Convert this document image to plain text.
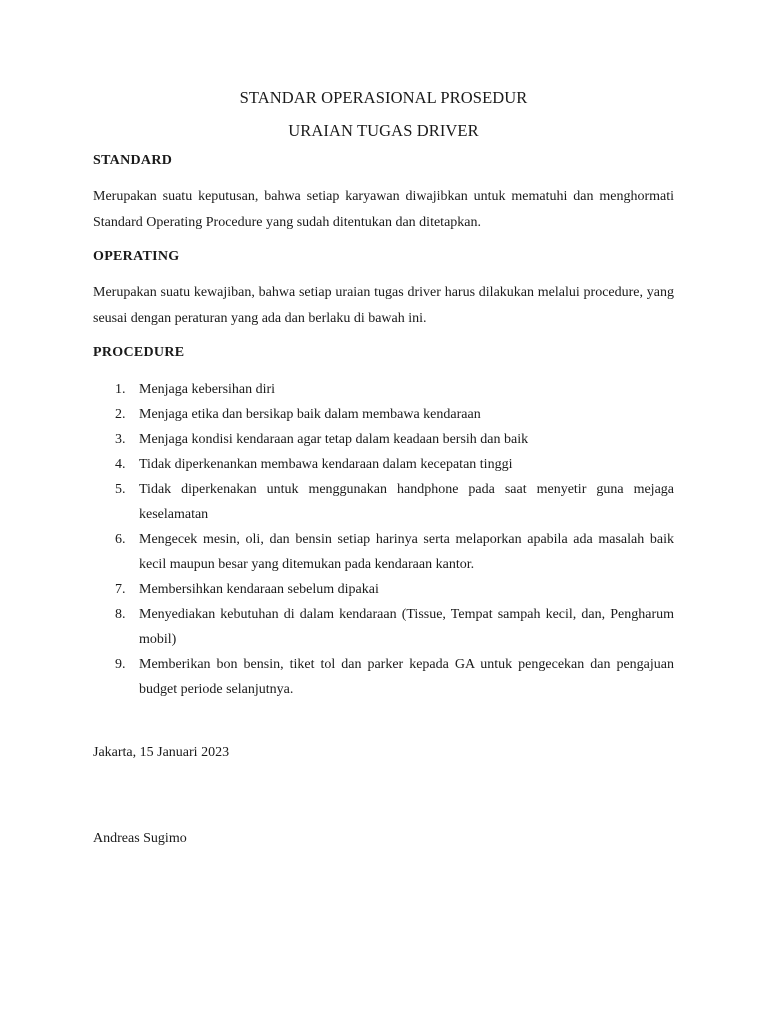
STANDAR OPERASIONAL PROSEDUR

URAIAN TUGAS DRIVER

STANDARD

Merupakan suatu keputusan, bahwa setiap karyawan diwajibkan untuk mematuhi dan menghormati Standard Operating Procedure yang sudah ditentukan dan ditetapkan.

OPERATING

Merupakan suatu kewajiban, bahwa setiap uraian tugas driver harus dilakukan melalui procedure, yang seusai dengan peraturan yang ada dan berlaku di bawah ini.

PROCEDURE

1. Menjaga kebersihan diri
2. Menjaga etika dan bersikap baik dalam membawa kendaraan
3. Menjaga kondisi kendaraan agar tetap dalam keadaan bersih dan baik
4. Tidak diperkenankan membawa kendaraan dalam kecepatan tinggi
5. Tidak diperkenakan untuk menggunakan handphone pada saat menyetir guna mejaga keselamatan
6. Mengecek mesin, oli, dan bensin setiap harinya serta melaporkan apabila ada masalah baik kecil maupun besar yang ditemukan pada kendaraan kantor.
7. Membersihkan kendaraan sebelum dipakai
8. Menyediakan kebutuhan di dalam kendaraan (Tissue, Tempat sampah kecil, dan, Pengharum mobil)
9. Memberikan bon bensin, tiket tol dan parker kepada GA untuk pengecekan dan pengajuan budget periode selanjutnya.

Jakarta, 15 Januari 2023

Andreas Sugimo
